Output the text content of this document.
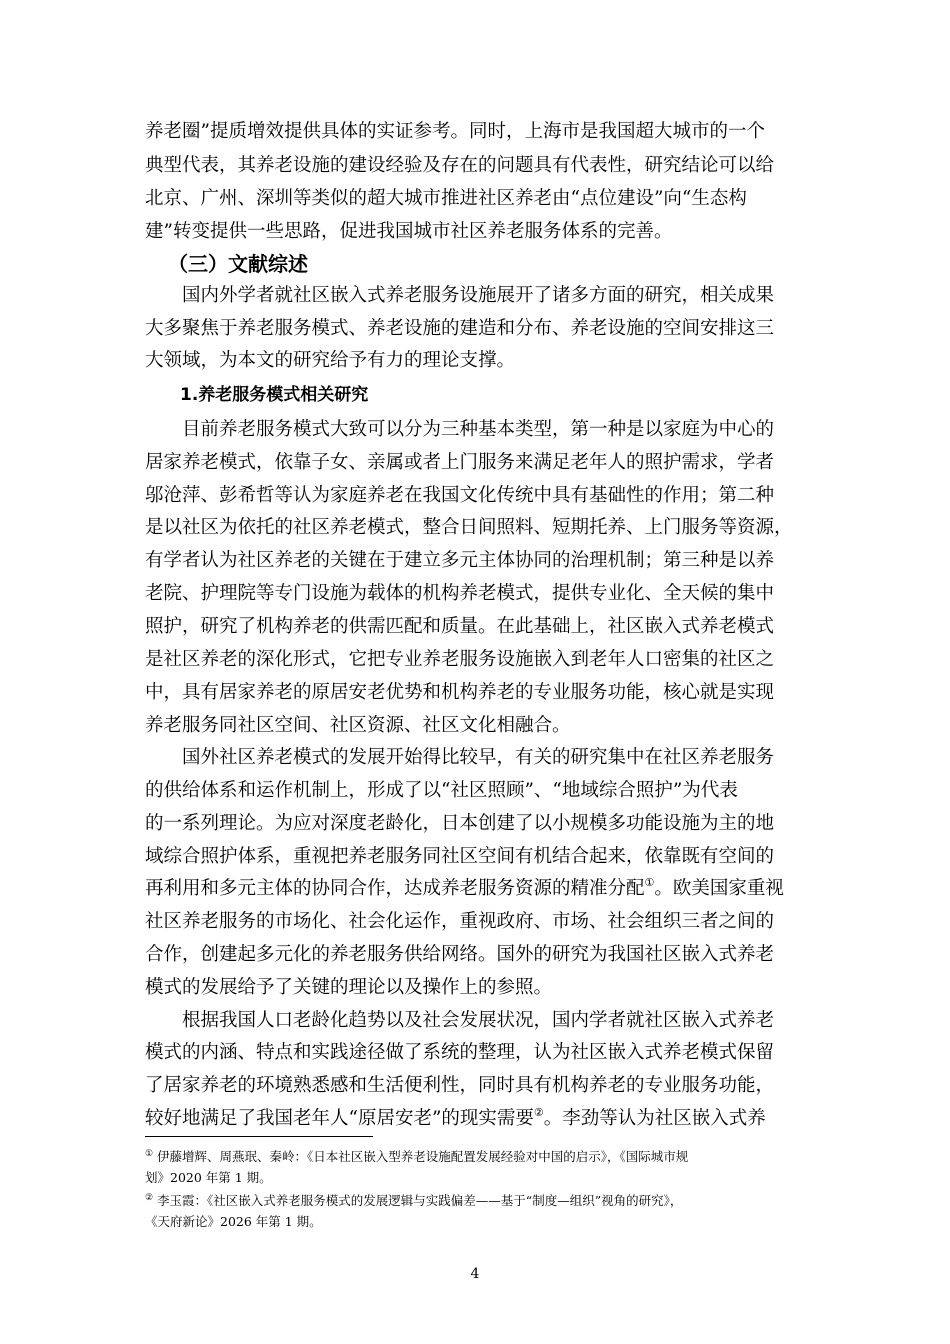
养老圈”提质增效提供具体的实证参考。同时，上海市是我国超大城市的一个
典型代表，其养老设施的建设经验及存在的问题具有代表性，研究结论可以给
北京、广州、深圳等类似的超大城市推进社区养老由“点位建设”向“生态构
建”转变提供一些思路，促进我国城市社区养老服务体系的完善。
（三）文献综述
　　国内外学者就社区嵌入式养老服务设施展开了诸多方面的研究，相关成果
大多聚焦于养老服务模式、养老设施的建造和分布、养老设施的空间安排这三
大领域，为本文的研究给予有力的理论支撑。
1.养老服务模式相关研究
　　目前养老服务模式大致可以分为三种基本类型，第一种是以家庭为中心的
居家养老模式，依靠子女、亲属或者上门服务来满足老年人的照护需求，学者
邬沧萍、彭希哲等认为家庭养老在我国文化传统中具有基础性的作用；第二种
是以社区为依托的社区养老模式，整合日间照料、短期托养、上门服务等资源，
有学者认为社区养老的关键在于建立多元主体协同的治理机制；第三种是以养
老院、护理院等专门设施为载体的机构养老模式，提供专业化、全天候的集中
照护，研究了机构养老的供需匹配和质量。在此基础上，社区嵌入式养老模式
是社区养老的深化形式，它把专业养老服务设施嵌入到老年人口密集的社区之
中，具有居家养老的原居安老优势和机构养老的专业服务功能，核心就是实现
养老服务同社区空间、社区资源、社区文化相融合。
　　国外社区养老模式的发展开始得比较早，有关的研究集中在社区养老服务
的供给体系和运作机制上，形成了以“社区照顾”、“地域综合照护”为代表
的一系列理论。为应对深度老龄化，日本创建了以小规模多功能设施为主的地
域综合照护体系，重视把养老服务同社区空间有机结合起来，依靠既有空间的
再利用和多元主体的协同合作，达成养老服务资源的精准分配①。欧美国家重视
社区养老服务的市场化、社会化运作，重视政府、市场、社会组织三者之间的
合作，创建起多元化的养老服务供给网络。国外的研究为我国社区嵌入式养老
模式的发展给予了关键的理论以及操作上的参照。
　　根据我国人口老龄化趋势以及社会发展状况，国内学者就社区嵌入式养老
模式的内涵、特点和实践途径做了系统的整理，认为社区嵌入式养老模式保留
了居家养老的环境熟悉感和生活便利性，同时具有机构养老的专业服务功能，
较好地满足了我国老年人“原居安老”的现实需要②。李劲等认为社区嵌入式养
① 伊藤增辉、周燕珉、秦岭：《日本社区嵌入型养老设施配置发展经验对中国的启示》，《国际城市规
划》2020 年第 1 期。
② 李玉霞：《社区嵌入式养老服务模式的发展逻辑与实践偏差——基于“制度—组织”视角的研究》，
《天府新论》2026 年第 1 期。
4
